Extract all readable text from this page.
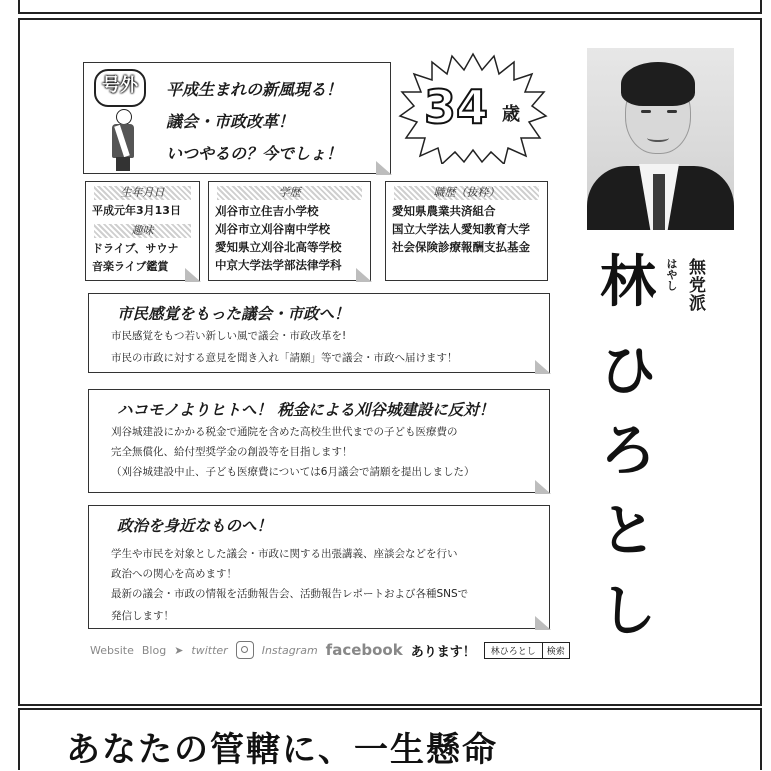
あなたの管轄に、一生懸命
号外	平成生まれの新風現る！
議会・市政改革！
いつやるの？今でしょ！
34 歳
生年月日
平成元年3月13日
趣味
ドライブ、サウナ
音楽ライブ鑑賞
学歴
刈谷市立住吉小学校
刈谷市立刈谷南中学校
愛知県立刈谷北高等学校
中京大学法学部法律学科
職歴（抜粋）
愛知県農業共済組合
国立大学法人愛知教育大学
社会保険診療報酬支払基金
市民感覚をもった議会・市政へ！
市民感覚をもつ若い新しい風で議会・市政改革を!
市民の市政に対する意見を聞き入れ「請願」等で議会・市政へ届けます！
ハコモノよりヒトへ！ 税金による刈谷城建設に反対！
刈谷城建設にかかる税金で通院を含めた高校生世代までの子ども医療費の
完全無償化、給付型奨学金の創設等を目指します！
（刈谷城建設中止、子ども医療費については6月議会で請願を提出しました）
政治を身近なものへ！
学生や市民を対象とした議会・市政に関する出張講義、座談会などを行い
政治への関心を高めます！
最新の議会・市政の情報を活動報告会、活動報告レポートおよび各種SNSで
発信します！
Website Blog ➤ twitter	Instagram facebook あります！	林ひろとし	検索
はやし 無党派
林
ひ
ろ
と
し
